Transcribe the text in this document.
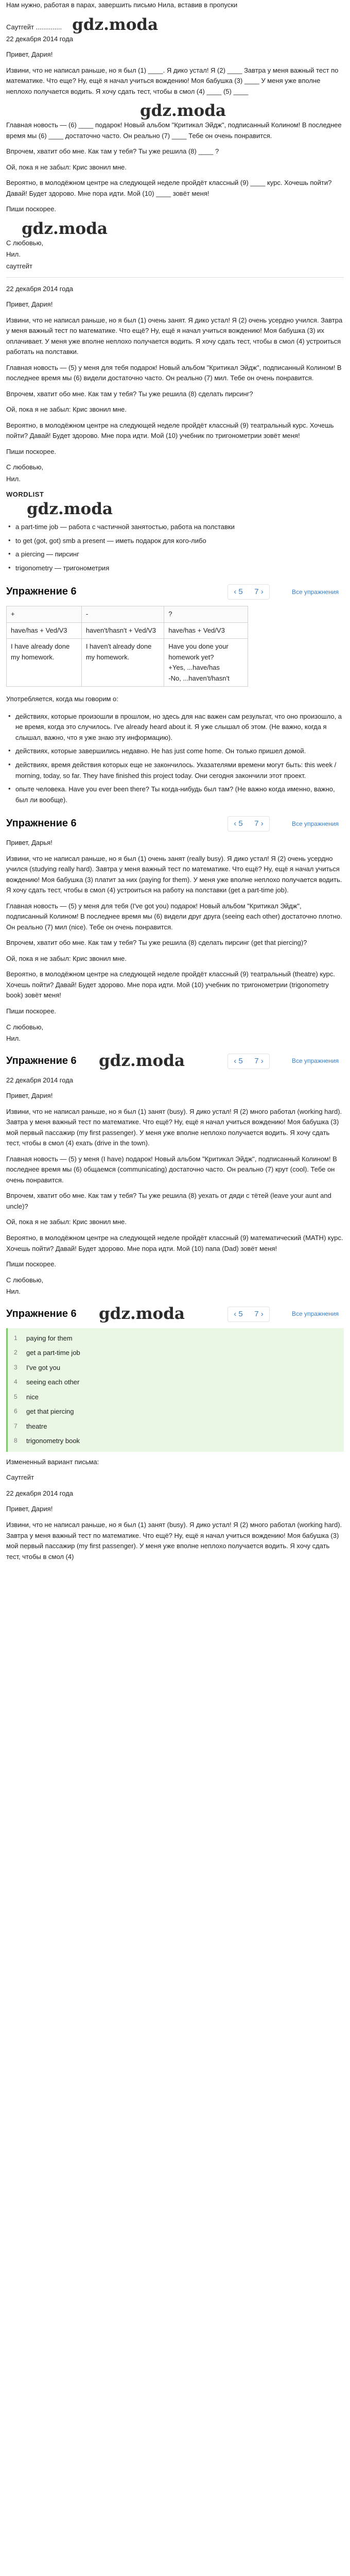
Нам нужно, работая в парах, завершить письмо Нила, вставив в пропуски

Саутгейт .............. gdz.moda

22 декабря 2014 года

Привет, Дария!

Извини, что не написал раньше, но я был (1) ____. Я дико устал! Я (2) ____ Завтра у меня важный тест по математике. Что еще? Ну, ещё я начал учиться вождению! Моя бабушка (3) ____ У меня уже вполне неплохо получается водить. Я хочу сдать тест, чтобы в смол (4) ____ (5) ____

gdz.moda

Главная новость — (6) ____ подарок! Новый альбом "Критикал Эйдж", подписанный Колином! В последнее время мы (6) ____ достаточно часто. Он реально (7) ____ Тебе он очень понравится.

Впрочем, хватит обо мне. Как там у тебя? Ты уже решила (8) ____ ?

Ой, пока я не забыл: Крис звонил мне.

Вероятно, в молодёжном центре на следующей неделе пройдёт классный (9) ____ курс. Хочешь пойти? Давай! Будет здорово. Мне пора идти. Мой (10) ____ зовёт меня!

Пиши поскорее.

gdz.moda

С любовью,

Нил.

саутгейт

22 декабря 2014 года

Привет, Дария!

Извини, что не написал раньше, но я был (1) очень занят. Я дико устал! Я (2) очень усердно учился. Завтра у меня важный тест по математике. Что ещё? Ну, ещё я начал учиться вождению! Моя бабушка (3) их оплачивает. У меня уже вполне неплохо получается водить. Я хочу сдать тест, чтобы в смол (4) устроиться работать на полставки.

Главная новость — (5) у меня для тебя подарок! Новый альбом "Критикал Эйдж", подписанный Колином! В последнее время мы (6) видели достаточно часто. Он реально (7) мил. Тебе он очень понравится.

Впрочем, хватит обо мне. Как там у тебя? Ты уже решила (8) сделать пирсинг?

Ой, пока я не забыл: Крис звонил мне.

Вероятно, в молодёжном центре на следующей неделе пройдёт классный (9) театральный курс. Хочешь пойти? Давай! Будет здорово. Мне пора идти. Мой (10) учебник по тригонометрии зовёт меня!

Пиши поскорее.

С любовью,

Нил.

WORDLIST
gdz.moda
• a part-time job — работа с частичной занятостью, работа на полставки
• to get (got, got) smb a present — иметь подарок для кого-либо
• a piercing — пирсинг
• trigonometry — тригонометрия
Упражнение 6	‹ 5	7 ›	Все упражнения
+	-	?
have/has + Ved/V3	haven't/hasn't + Ved/V3	have/has + Ved/V3
I have already done my homework.	I haven't already done my homework.	Have you done your homework yet?
+Yes, ...have/has
-No, ...haven't/hasn't

Употребляется, когда мы говорим о:

• действиях, которые произошли в прошлом, но здесь для нас важен сам результат, что оно произошло, а не время, когда это случилось. I've already heard about it. Я уже слышал об этом. (Не важно, когда я слышал, важно, что я уже знаю эту информацию).
• действиях, которые завершились недавно. He has just come home. Он только пришел домой.
• действиях, время действия которых еще не закончилось. Указателями времени могут быть: this week / morning, today, so far. They have finished this project today. Они сегодня закончили этот проект.
• опыте человека. Have you ever been there? Ты когда-нибудь был там? (Не важно когда именно, важно, был ли вообще).
Упражнение 6	‹ 5	7 ›	Все упражнения

Привет, Дарья!

Извини, что не написал раньше, но я был (1) очень занят (really busy). Я дико устал! Я (2) очень усердно учился (studying really hard). Завтра у меня важный тест по математике. Что ещё? Ну, ещё я начал учиться вождению! Моя бабушка (3) платит за них (paying for them). У меня уже вполне неплохо получается водить. Я хочу сдать тест, чтобы в смол (4) устроиться на работу на полставки (get a part-time job).

Главная новость — (5) у меня для тебя (I've got you) подарок! Новый альбом "Критикал Эйдж", подписанный Колином! В последнее время мы (6) видели друг друга (seeing each other) достаточно плотно. Он реально (7) мил (nice). Тебе он очень понравится.

Впрочем, хватит обо мне. Как там у тебя? Ты уже решила (8) сделать пирсинг (get that piercing)?

Ой, пока я не забыл: Крис звонил мне.

Вероятно, в молодёжном центре на следующей неделе пройдёт классный (9) театральный (theatre) курс. Хочешь пойти? Давай! Будет здорово. Мне пора идти. Мой (10) учебник по тригонометрии (trigonometry book) зовёт меня!

Пиши поскорее.

С любовью,

Нил.

Упражнение 6	gdz.moda	‹ 5	7 ›	Все упражнения

22 декабря 2014 года

Привет, Дария!

Извини, что не написал раньше, но я был (1) занят (busy). Я дико устал! Я (2) много работал (working hard). Завтра у меня важный тест по математике. Что ещё? Ну, ещё я начал учиться вождению! Моя бабушка (3) мой первый пассажир (my first passenger). У меня уже вполне неплохо получается водить. Я хочу сдать тест, чтобы в смол (4) ехать (drive in the town).

Главная новость — (5) у меня (I have) подарок! Новый альбом "Критикал Эйдж", подписанный Колином! В последнее время мы (6) общаемся (communicating) достаточно часто. Он реально (7) крут (cool). Тебе он очень понравится.

Впрочем, хватит обо мне. Как там у тебя? Ты уже решила (8) уехать от дяди с тётей (leave your aunt and uncle)?

Ой, пока я не забыл: Крис звонил мне.

Вероятно, в молодёжном центре на следующей неделе пройдёт классный (9) математический (MATH) курс. Хочешь пойти? Давай! Будет здорово. Мне пора идти. Мой (10) папа (Dad) зовёт меня!

Пиши поскорее.

С любовью,

Нил.

Упражнение 6	gdz.moda	‹ 5	7 ›	Все упражнения
1 paying for them
2 get a part-time job
3 I've got you
4 seeing each other
5 nice
6 get that piercing
7 theatre
8 trigonometry book

Измененный вариант письма:

Саутгейт

22 декабря 2014 года

Привет, Дария!

Извини, что не написал раньше, но я был (1) занят (busy). Я дико устал! Я (2) много работал (working hard). Завтра у меня важный тест по математике. Что ещё? Ну, ещё я начал учиться вождению! Моя бабушка (3) мой первый пассажир (my first passenger). У меня уже вполне неплохо получается водить. Я хочу сдать тест, чтобы в смол (4)
